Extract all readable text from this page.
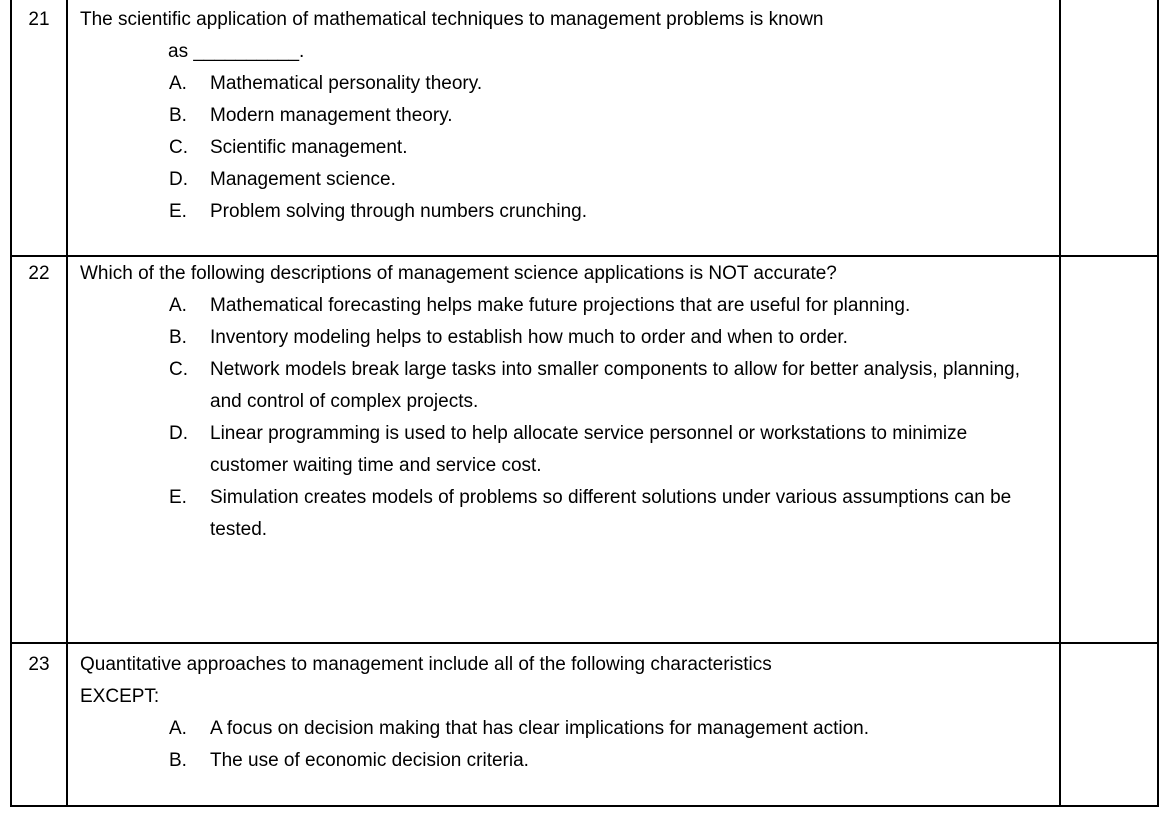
21	The scientific application of mathematical techniques to management problems is known
as __________.
A. Mathematical personality theory.
B. Modern management theory.
C. Scientific management.
D. Management science.
E. Problem solving through numbers crunching.
22	Which of the following descriptions of management science applications is NOT accurate?
A. Mathematical forecasting helps make future projections that are useful for planning.
B. Inventory modeling helps to establish how much to order and when to order.
C. Network models break large tasks into smaller components to allow for better analysis, planning, and control of complex projects.
D. Linear programming is used to help allocate service personnel or workstations to minimize customer waiting time and service cost.
E. Simulation creates models of problems so different solutions under various assumptions can be tested.
23	Quantitative approaches to management include all of the following characteristics
EXCEPT:
A. A focus on decision making that has clear implications for management action.
B. The use of economic decision criteria.
